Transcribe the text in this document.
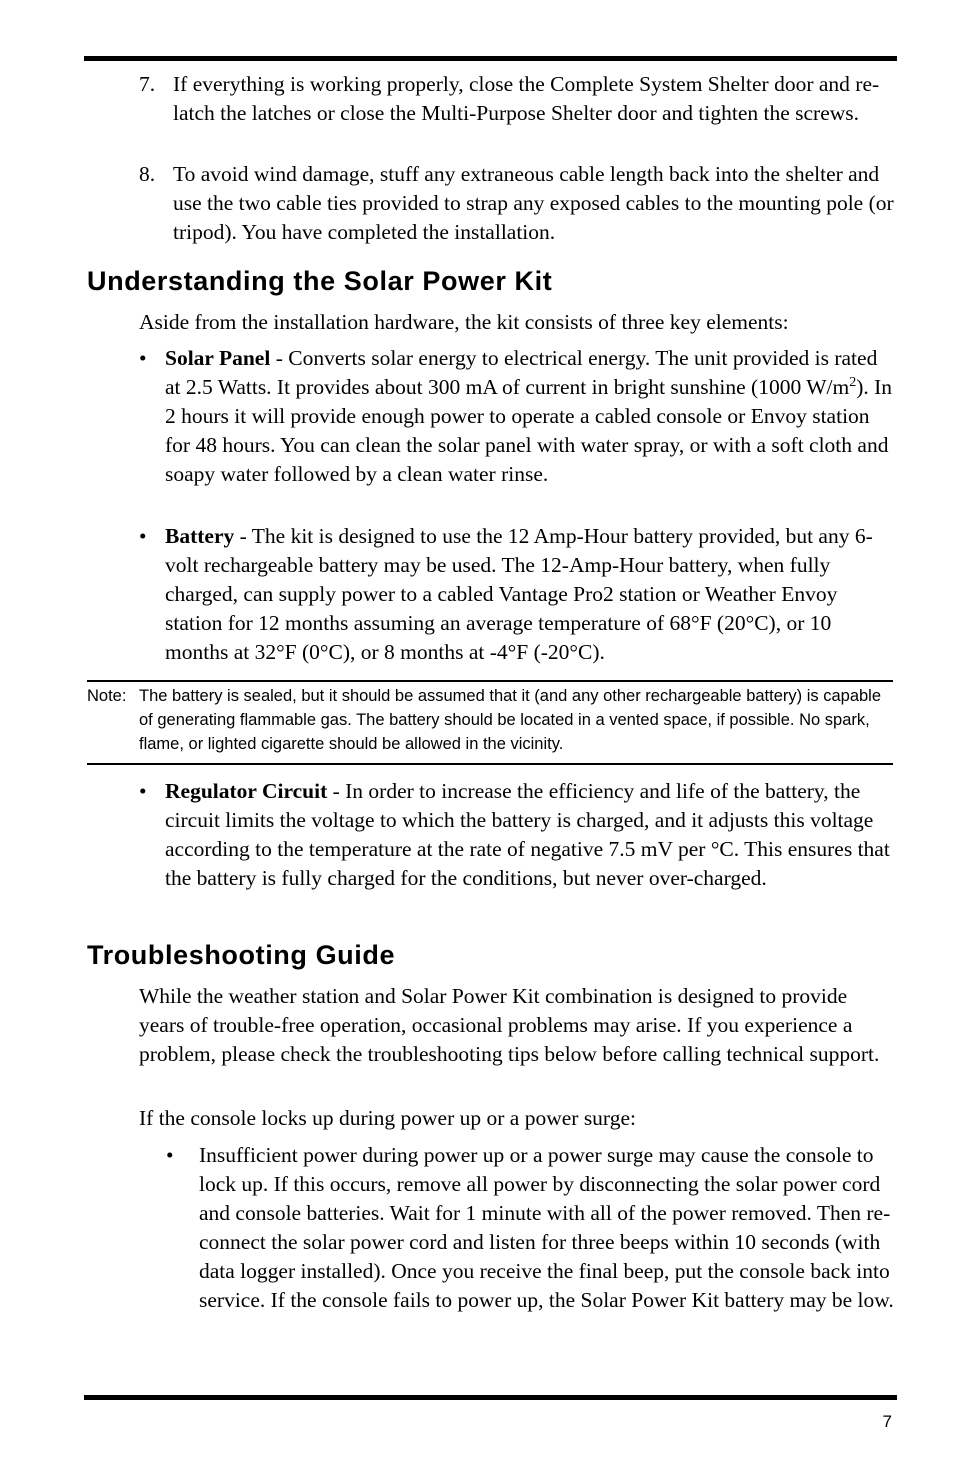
7. If everything is working properly, close the Complete System Shelter door and re-latch the latches or close the Multi-Purpose Shelter door and tighten the screws.
8. To avoid wind damage, stuff any extraneous cable length back into the shelter and use the two cable ties provided to strap any exposed cables to the mounting pole (or tripod). You have completed the installation.
Understanding the Solar Power Kit

Aside from the installation hardware, the kit consists of three key elements:

• Solar Panel - Converts solar energy to electrical energy. The unit provided is rated at 2.5 Watts. It provides about 300 mA of current in bright sunshine (1000 $W/m^2$). In 2 hours it will provide enough power to operate a cabled console or Envoy station for 48 hours. You can clean the solar panel with water spray, or with a soft cloth and soapy water followed by a clean water rinse.
• Battery - The kit is designed to use the 12 Amp-Hour battery provided, but any 6-volt rechargeable battery may be used. The 12-Amp-Hour battery, when fully charged, can supply power to a cabled Vantage Pro2 station or Weather Envoy station for 12 months assuming an average temperature of 68°F (20°C), or 10 months at 32°F (0°C), or 8 months at -4°F (-20°C).
Note: The battery is sealed, but it should be assumed that it (and any other rechargeable battery) is capable of generating flammable gas. The battery should be located in a vented space, if possible. No spark, flame, or lighted cigarette should be allowed in the vicinity.
• Regulator Circuit - In order to increase the efficiency and life of the battery, the circuit limits the voltage to which the battery is charged, and it adjusts this voltage according to the temperature at the rate of negative 7.5 mV per °C. This ensures that the battery is fully charged for the conditions, but never over-charged.
Troubleshooting Guide

While the weather station and Solar Power Kit combination is designed to provide years of trouble-free operation, occasional problems may arise. If you experience a problem, please check the troubleshooting tips below before calling technical support.

If the console locks up during power up or a power surge:

• Insufficient power during power up or a power surge may cause the console to lock up. If this occurs, remove all power by disconnecting the solar power cord and console batteries. Wait for 1 minute with all of the power removed. Then re-connect the solar power cord and listen for three beeps within 10 seconds (with data logger installed). Once you receive the final beep, put the console back into service. If the console fails to power up, the Solar Power Kit battery may be low.
7
